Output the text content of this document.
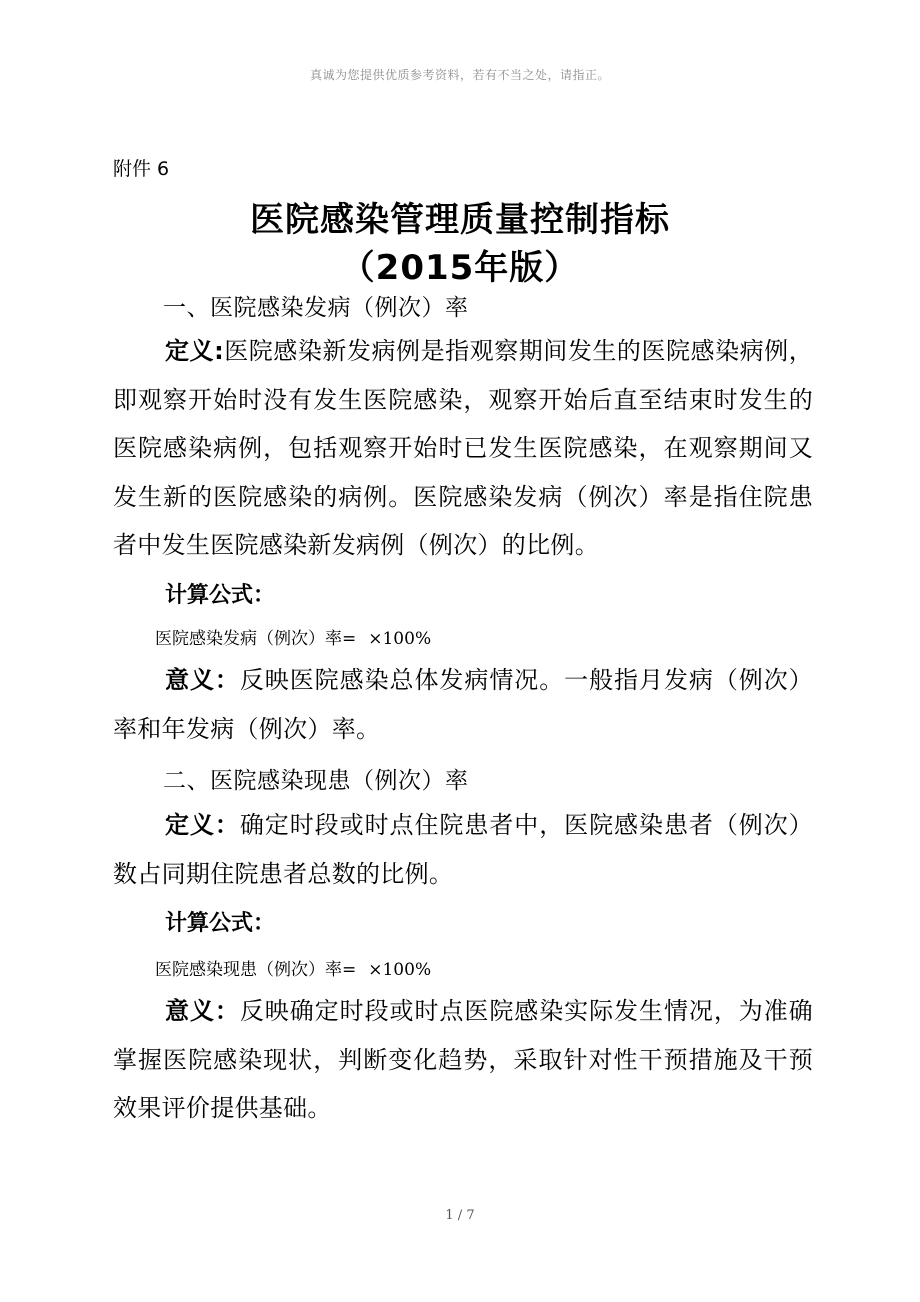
真诚为您提供优质参考资料，若有不当之处，请指正。
附件 6
医院感染管理质量控制指标
（2015年版）
一、医院感染发病（例次）率
定义:医院感染新发病例是指观察期间发生的医院感染病例，即观察开始时没有发生医院感染，观察开始后直至结束时发生的医院感染病例，包括观察开始时已发生医院感染，在观察期间又发生新的医院感染的病例。医院感染发病（例次）率是指住院患者中发生医院感染新发病例（例次）的比例。
计算公式：
医院感染发病（例次）率= ×100%
意义：反映医院感染总体发病情况。一般指月发病（例次）率和年发病（例次）率。
二、医院感染现患（例次）率
定义：确定时段或时点住院患者中，医院感染患者（例次）数占同期住院患者总数的比例。
计算公式：
医院感染现患（例次）率= ×100%
意义：反映确定时段或时点医院感染实际发生情况，为准确掌握医院感染现状，判断变化趋势，采取针对性干预措施及干预效果评价提供基础。
1 / 7
